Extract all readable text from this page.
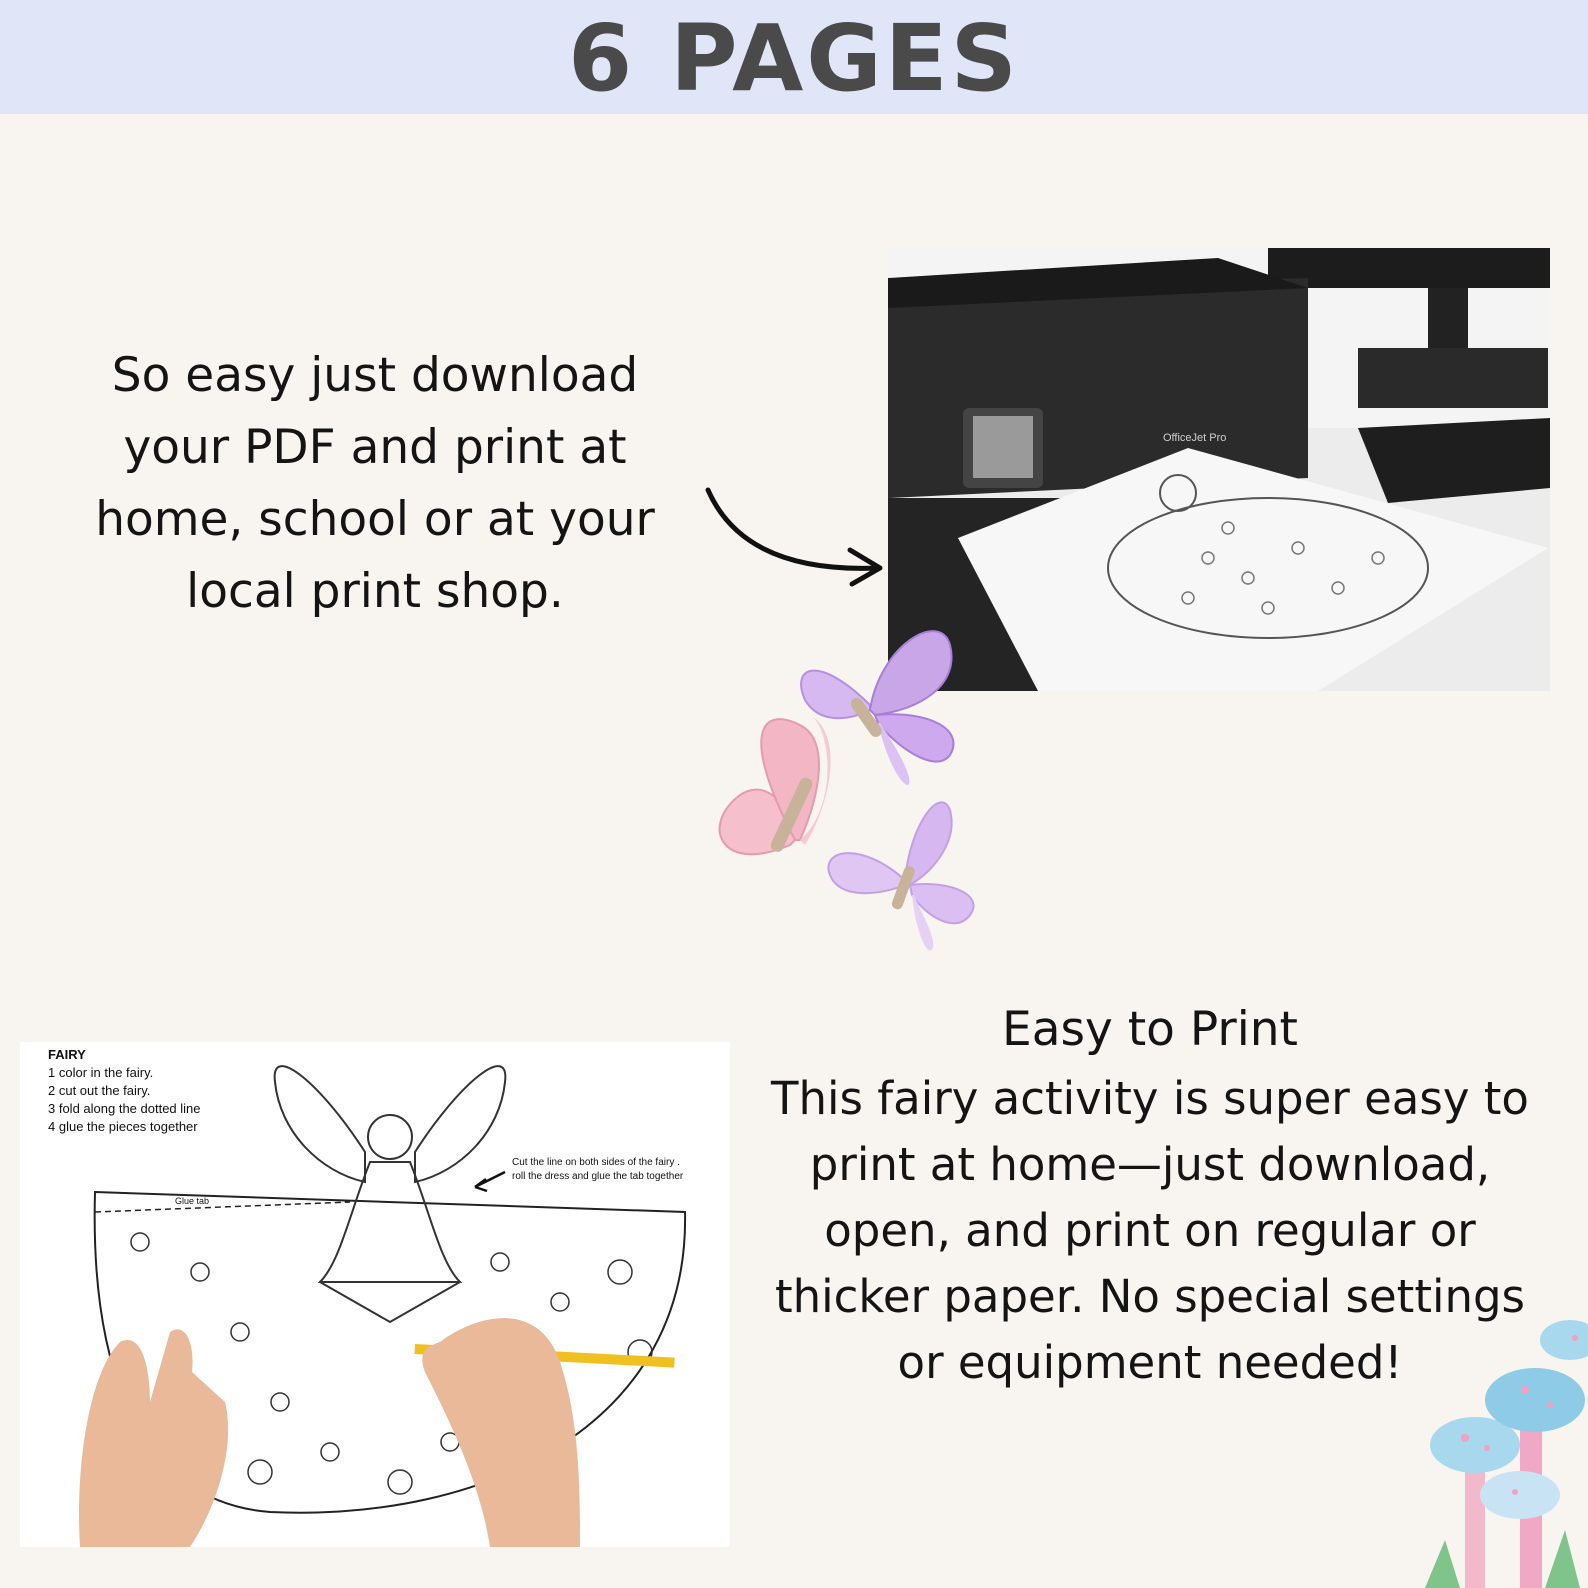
6 PAGES
So easy just download
your PDF and print at
home, school or at your
local print shop.
OfficeJet Pro
FAIRY
1 color in the fairy.
2 cut out the fairy.
3 fold along the dotted line
4 glue the pieces together
Cut the line on both sides of the fairy .
roll the dress and glue the tab together
Glue tab
Easy to Print
This fairy activity is super easy to
print at home—just download,
open, and print on regular or
thicker paper. No special settings
or equipment needed!
